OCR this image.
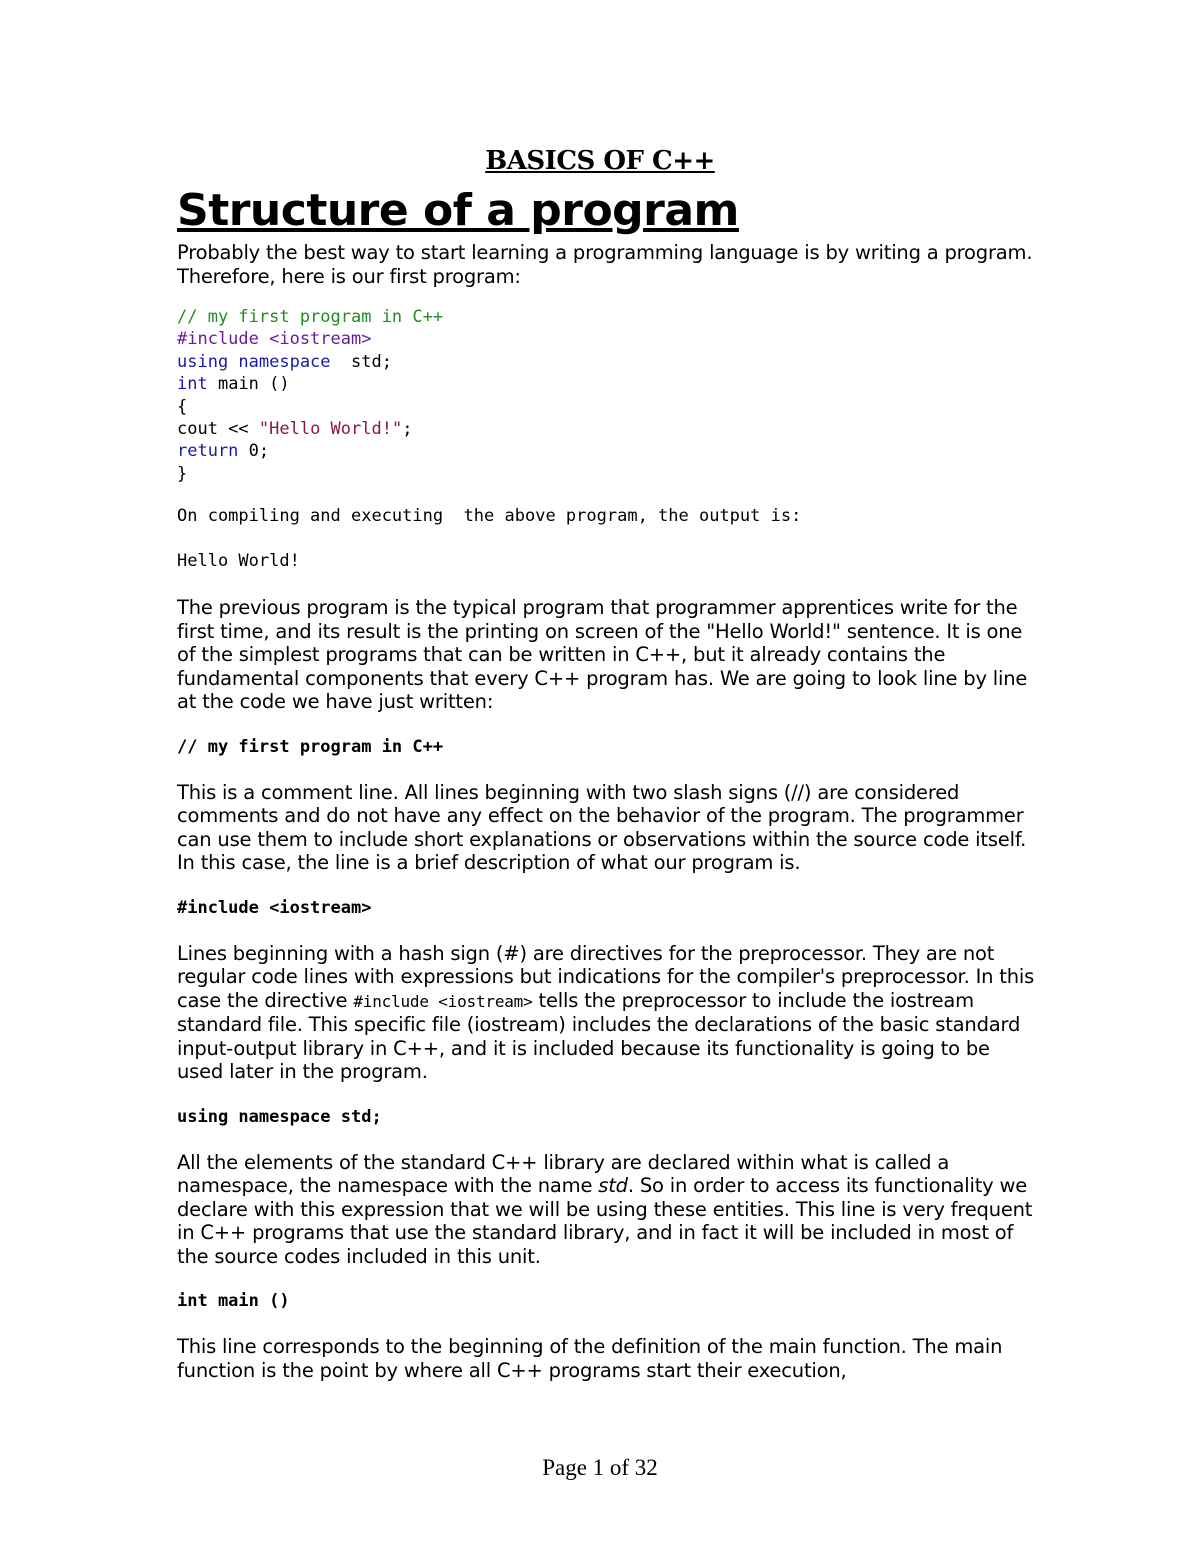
BASICS OF C++
Structure of a program

Probably the best way to start learning a programming language is by writing a program. Therefore, here is our first program:

// my first program in C++
#include <iostream>
using namespace  std;
int main ()
{
cout << "Hello World!";
return 0;
}
On compiling and executing  the above program, the output is:
Hello World!

The previous program is the typical program that programmer apprentices write for the first time, and its result is the printing on screen of the "Hello World!" sentence. It is one of the simplest programs that can be written in C++, but it already contains the fundamental components that every C++ program has. We are going to look line by line at the code we have just written:

// my first program in C++

This is a comment line. All lines beginning with two slash signs (//) are considered comments and do not have any effect on the behavior of the program. The programmer can use them to include short explanations or observations within the source code itself. In this case, the line is a brief description of what our program is.

#include <iostream>

Lines beginning with a hash sign (#) are directives for the preprocessor. They are not regular code lines with expressions but indications for the compiler's preprocessor. In this case the directive #include <iostream> tells the preprocessor to include the iostream standard file. This specific file (iostream) includes the declarations of the basic standard input-output library in C++, and it is included because its functionality is going to be used later in the program.

using namespace std;

All the elements of the standard C++ library are declared within what is called a namespace, the namespace with the name std. So in order to access its functionality we declare with this expression that we will be using these entities. This line is very frequent in C++ programs that use the standard library, and in fact it will be included in most of the source codes included in this unit.

int main ()

This line corresponds to the beginning of the definition of the main function. The main function is the point by where all C++ programs start their execution,

Page 1 of 32
